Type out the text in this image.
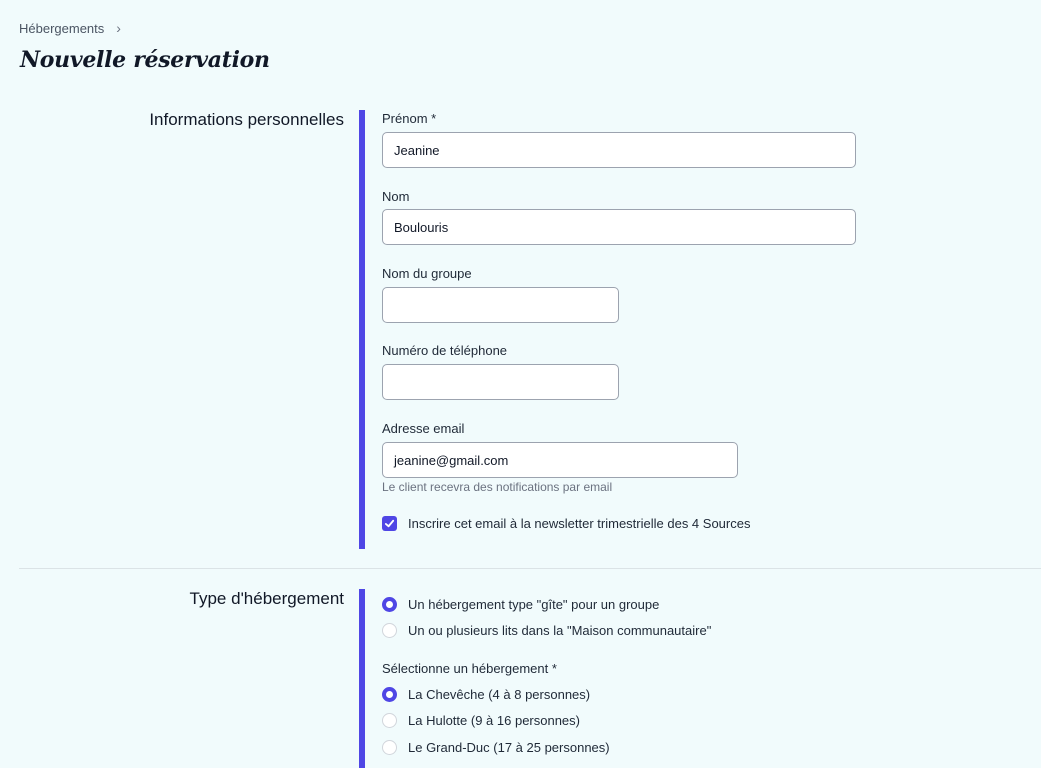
Hébergements ›
Nouvelle réservation
Informations personnelles	Prénom *
Jeanine
Nom
Boulouris
Nom du groupe
Numéro de téléphone
Adresse email
jeanine@gmail.com
Le client recevra des notifications par email
Inscrire cet email à la newsletter trimestrielle des 4 Sources
Type d'hébergement	Un hébergement type "gîte" pour un groupe
Un ou plusieurs lits dans la "Maison communautaire"
Sélectionne un hébergement *
La Chevêche (4 à 8 personnes)
La Hulotte (9 à 16 personnes)
Le Grand-Duc (17 à 25 personnes)
